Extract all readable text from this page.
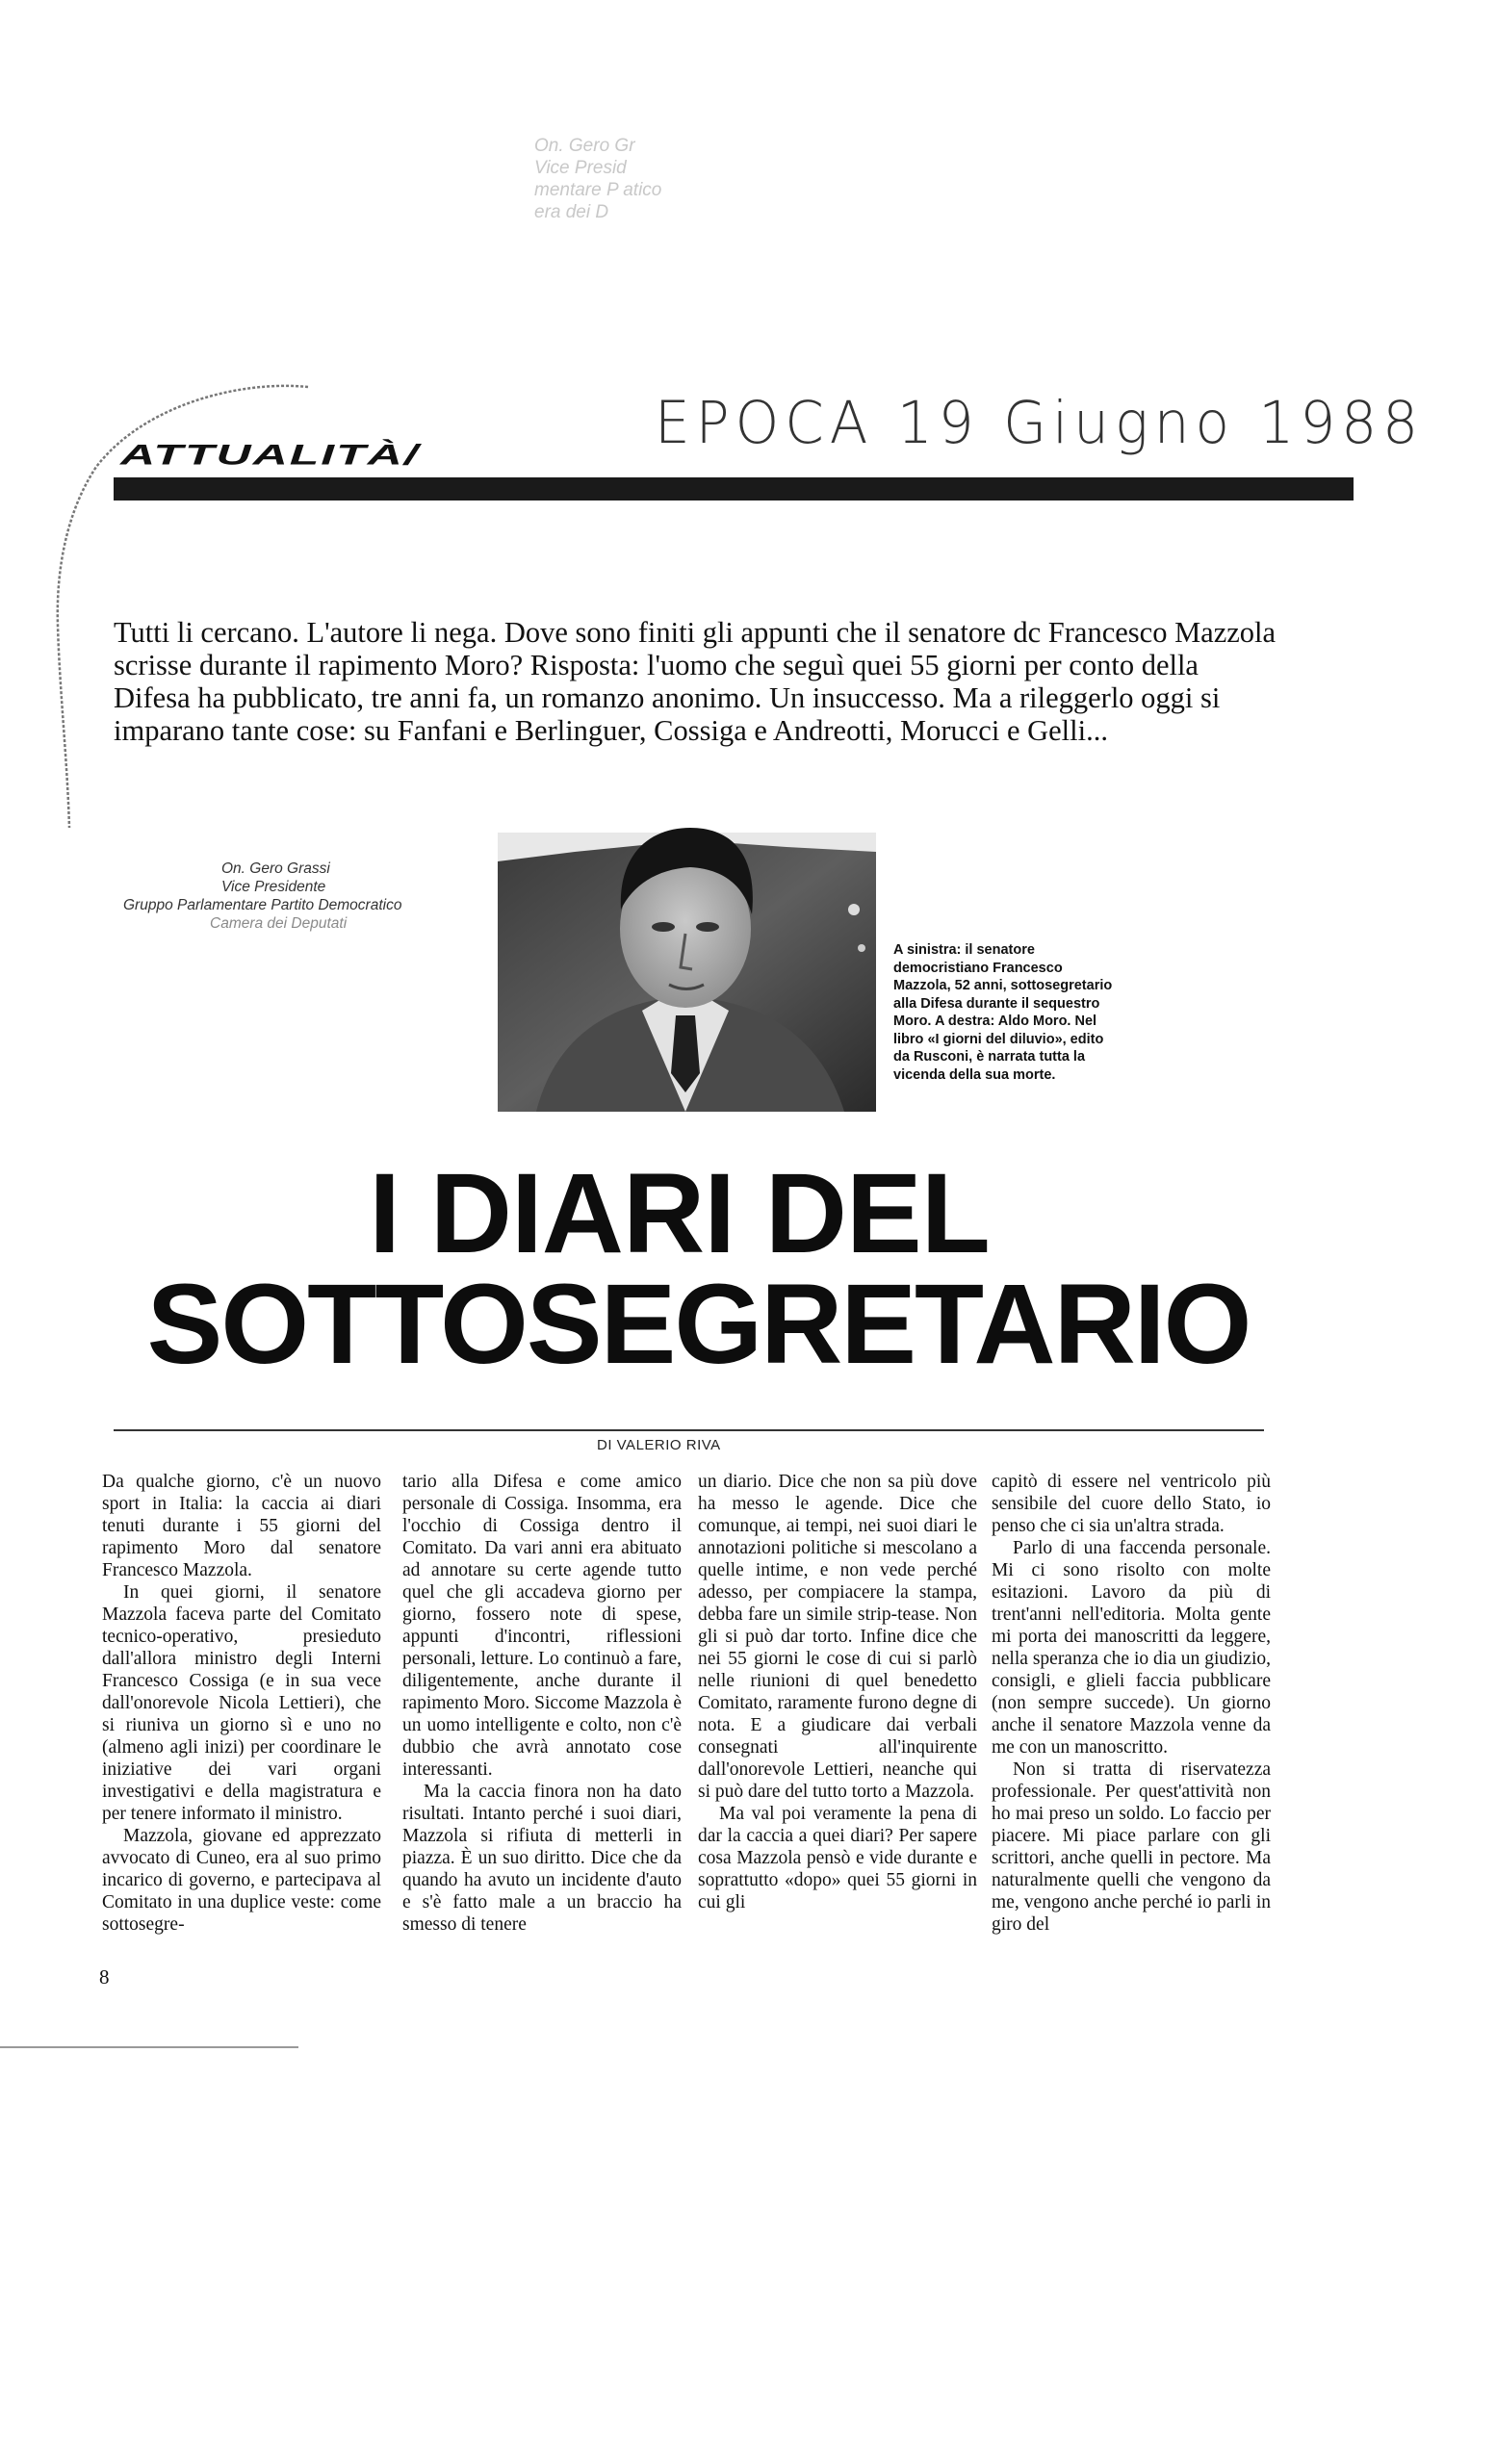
On. Gero Gr
Vice Presid
mentare P atico
era dei D
ATTUALITÀ/	EPOCA 19 Giugno 1988
Tutti li cercano. L'autore li nega. Dove sono finiti gli appunti che il senatore dc Francesco Mazzola scrisse durante il rapimento Moro? Risposta: l'uomo che seguì quei 55 giorni per conto della Difesa ha pubblicato, tre anni fa, un romanzo anonimo. Un insuccesso. Ma a rileggerlo oggi si imparano tante cose: su Fanfani e Berlinguer, Cossiga e Andreotti, Morucci e Gelli...
On. Gero Grassi
Vice Presidente
Gruppo Parlamentare Partito Democratico
Camera dei Deputati
A sinistra: il senatore democristiano Francesco Mazzola, 52 anni, sottosegretario alla Difesa durante il sequestro Moro. A destra: Aldo Moro. Nel libro «I giorni del diluvio», edito da Rusconi, è narrata tutta la vicenda della sua morte.
I DIARI DEL
SOTTOSEGRETARIO
DI VALERIO RIVA

Da qualche giorno, c'è un nuovo sport in Italia: la caccia ai diari tenuti durante i 55 giorni del rapimento Moro dal senatore Francesco Mazzola.

In quei giorni, il senatore Mazzola faceva parte del Comitato tecnico-operativo, presieduto dall'allora ministro degli Interni Francesco Cossiga (e in sua vece dall'onorevole Nicola Lettieri), che si riuniva un giorno sì e uno no (almeno agli inizi) per coordinare le iniziative dei vari organi investigativi e della magistratura e per tenere informato il ministro.

Mazzola, giovane ed apprezzato avvocato di Cuneo, era al suo primo incarico di governo, e partecipava al Comitato in una duplice veste: come sottosegre-

tario alla Difesa e come amico personale di Cossiga. Insomma, era l'occhio di Cossiga dentro il Comitato. Da vari anni era abituato ad annotare su certe agende tutto quel che gli accadeva giorno per giorno, fossero note di spese, appunti d'incontri, riflessioni personali, letture. Lo continuò a fare, diligentemente, anche durante il rapimento Moro. Siccome Mazzola è un uomo intelligente e colto, non c'è dubbio che avrà annotato cose interessanti.

Ma la caccia finora non ha dato risultati. Intanto perché i suoi diari, Mazzola si rifiuta di metterli in piazza. È un suo diritto. Dice che da quando ha avuto un incidente d'auto e s'è fatto male a un braccio ha smesso di tenere

un diario. Dice che non sa più dove ha messo le agende. Dice che comunque, ai tempi, nei suoi diari le annotazioni politiche si mescolano a quelle intime, e non vede perché adesso, per compiacere la stampa, debba fare un simile strip-tease. Non gli si può dar torto. Infine dice che nei 55 giorni le cose di cui si parlò nelle riunioni di quel benedetto Comitato, raramente furono degne di nota. E a giudicare dai verbali consegnati all'inquirente dall'onorevole Lettieri, neanche qui si può dare del tutto torto a Mazzola.

Ma val poi veramente la pena di dar la caccia a quei diari? Per sapere cosa Mazzola pensò e vide durante e soprattutto «dopo» quei 55 giorni in cui gli

capitò di essere nel ventricolo più sensibile del cuore dello Stato, io penso che ci sia un'altra strada.

Parlo di una faccenda personale. Mi ci sono risolto con molte esitazioni. Lavoro da più di trent'anni nell'editoria. Molta gente mi porta dei manoscritti da leggere, nella speranza che io dia un giudizio, consigli, e glieli faccia pubblicare (non sempre succede). Un giorno anche il senatore Mazzola venne da me con un manoscritto.

Non si tratta di riservatezza professionale. Per quest'attività non ho mai preso un soldo. Lo faccio per piacere. Mi piace parlare con gli scrittori, anche quelli in pectore. Ma naturalmente quelli che vengono da me, vengono anche perché io parli in giro del

8
